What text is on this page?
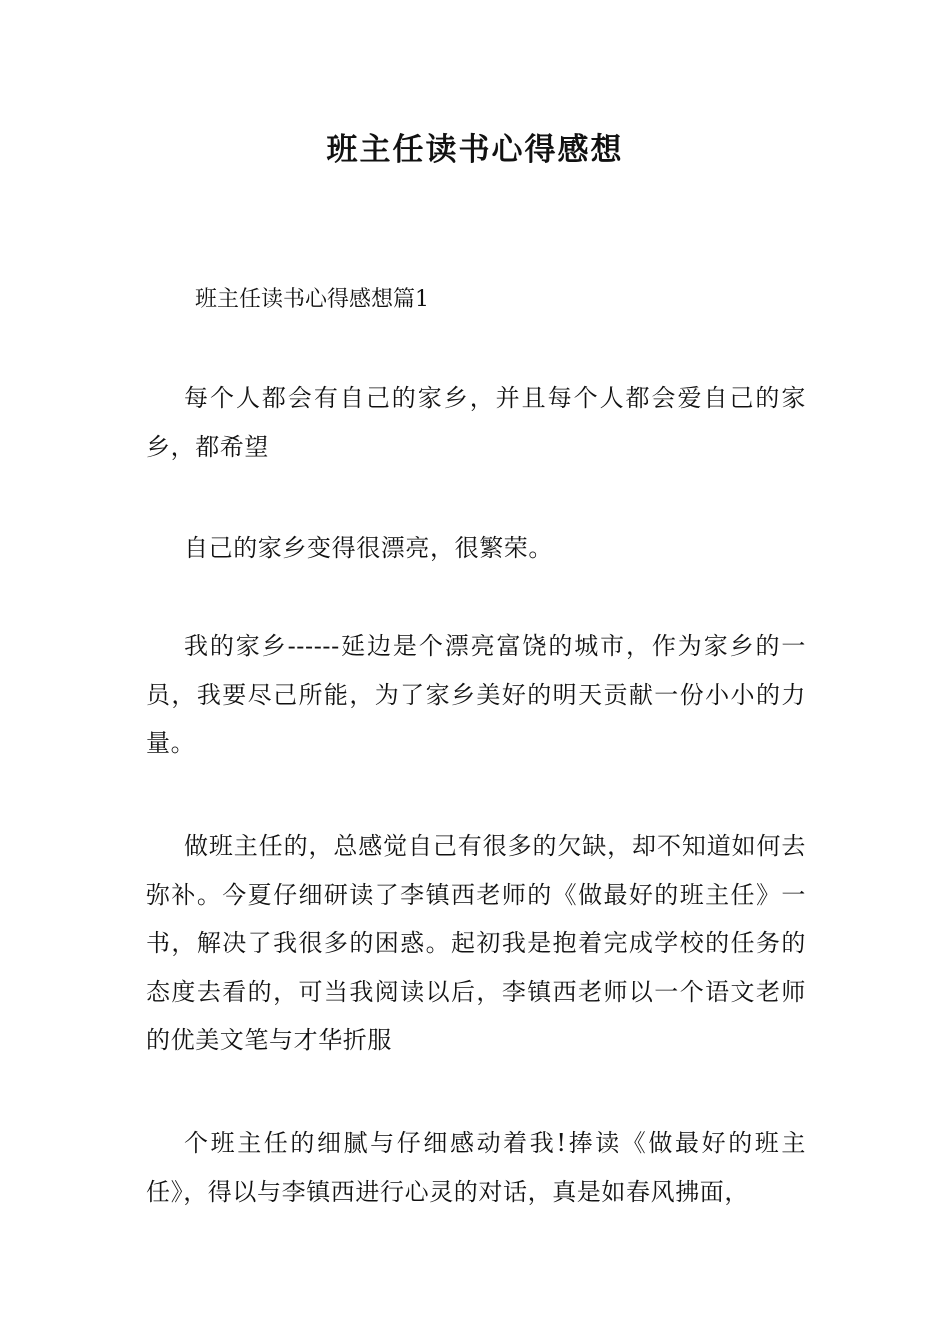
班主任读书心得感想

班主任读书心得感想篇1

每个人都会有自己的家乡，并且每个人都会爱自己的家乡，都希望

自己的家乡变得很漂亮，很繁荣。

我的家乡------延边是个漂亮富饶的城市，作为家乡的一员，我要尽己所能，为了家乡美好的明天贡献一份小小的力量。

做班主任的，总感觉自己有很多的欠缺，却不知道如何去弥补。今夏仔细研读了李镇西老师的《做最好的班主任》一书，解决了我很多的困惑。起初我是抱着完成学校的任务的态度去看的，可当我阅读以后，李镇西老师以一个语文老师的优美文笔与才华折服

个班主任的细腻与仔细感动着我!捧读《做最好的班主任》，得以与李镇西进行心灵的对话，真是如春风拂面，
